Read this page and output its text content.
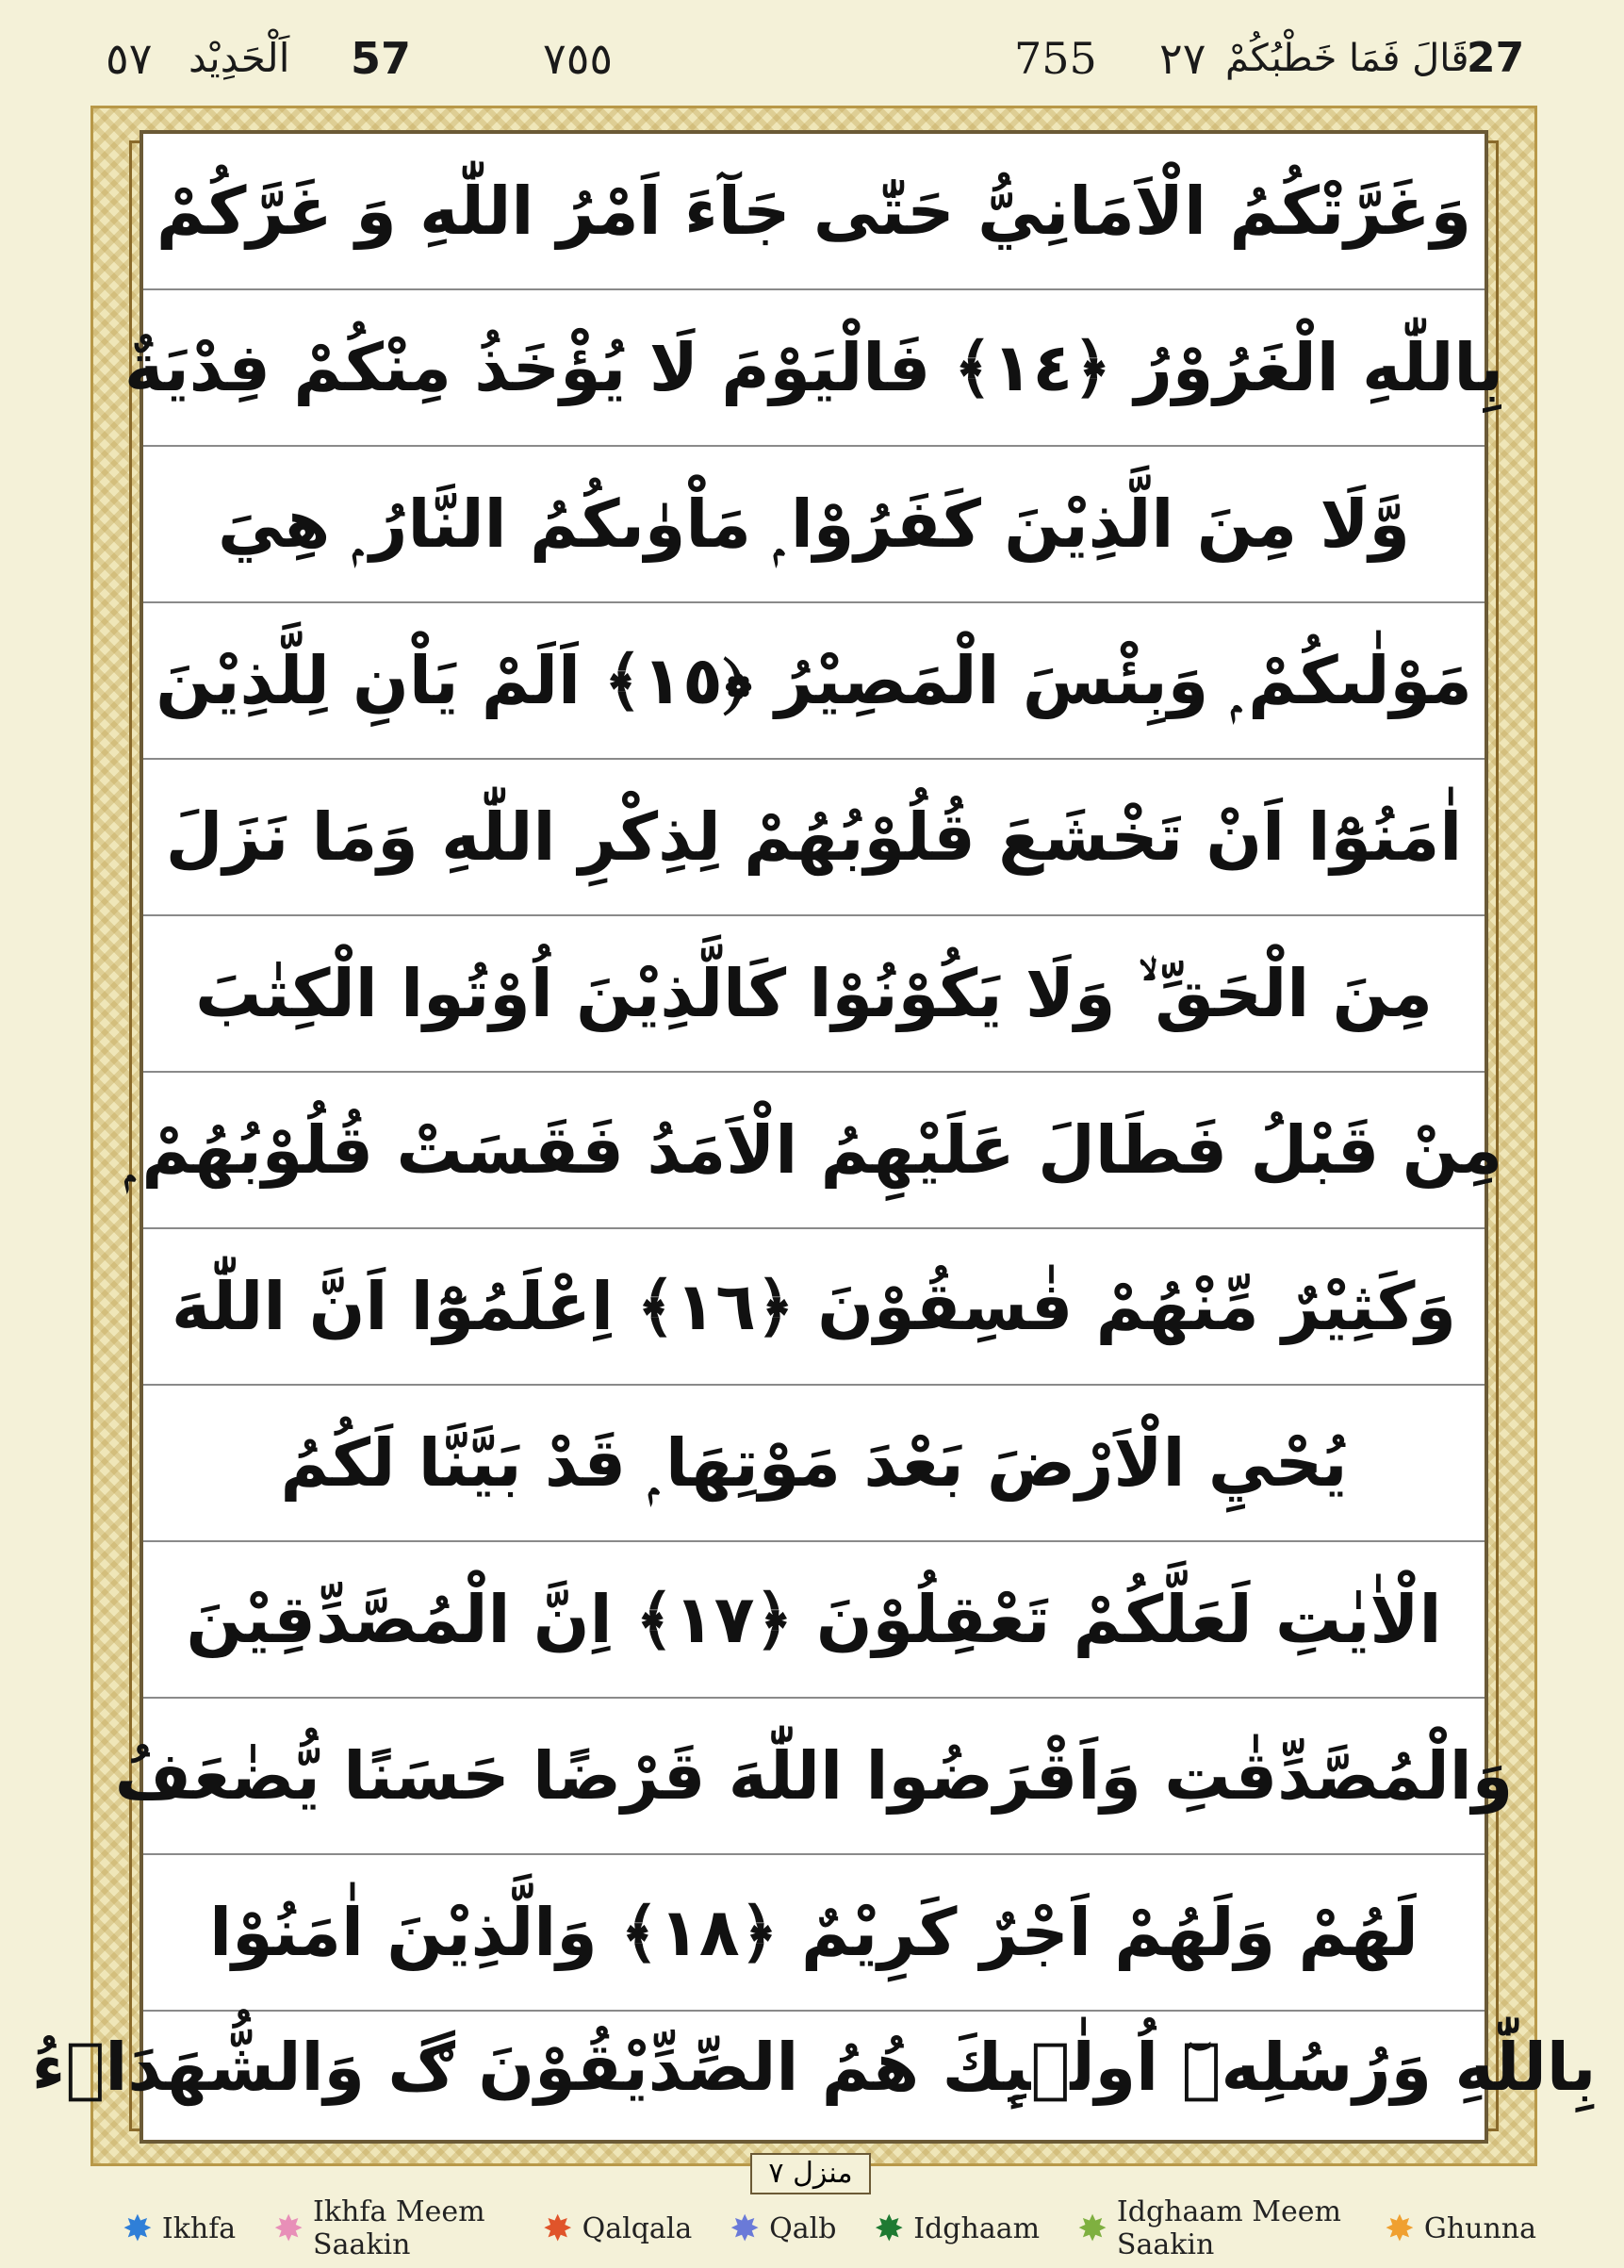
27
قَالَ فَمَا خَطْبُكُمْ
٢٧
755
٧٥٥
57
اَلْحَدِيْد
٥٧
وَغَرَّتْكُمُ الْاَمَانِيُّ حَتّٰى جَآءَ اَمْرُ اللّٰهِ وَ غَرَّكُمْ
بِاللّٰهِ الْغَرُوْرُ ﴿١٤﴾ فَالْيَوْمَ لَا يُؤْخَذُ مِنْكُمْ فِدْيَةٌ
وَّلَا مِنَ الَّذِيْنَ كَفَرُوْا ۭ مَاْوٰىكُمُ النَّارُ ۭ هِيَ
مَوْلٰىكُمْ ۭ وَبِئْسَ الْمَصِيْرُ ﴿١٥﴾ اَلَمْ يَاْنِ لِلَّذِيْنَ
اٰمَنُوْٓا اَنْ تَخْشَعَ قُلُوْبُهُمْ لِذِكْرِ اللّٰهِ وَمَا نَزَلَ
مِنَ الْحَقِّ ۙ وَلَا يَكُوْنُوْا كَالَّذِيْنَ اُوْتُوا الْكِتٰبَ
مِنْ قَبْلُ فَطَالَ عَلَيْهِمُ الْاَمَدُ فَقَسَتْ قُلُوْبُهُمْ ۭ
وَكَثِيْرٌ مِّنْهُمْ فٰسِقُوْنَ ﴿١٦﴾ اِعْلَمُوْٓا اَنَّ اللّٰهَ
يُحْيِ الْاَرْضَ بَعْدَ مَوْتِهَا ۭ قَدْ بَيَّنَّا لَكُمُ
الْاٰيٰتِ لَعَلَّكُمْ تَعْقِلُوْنَ ﴿١٧﴾ اِنَّ الْمُصَّدِّقِيْنَ
وَالْمُصَّدِّقٰتِ وَاَقْرَضُوا اللّٰهَ قَرْضًا حَسَنًا يُّضٰعَفُ
لَهُمْ وَلَهُمْ اَجْرٌ كَرِيْمٌ ﴿١٨﴾ وَالَّذِيْنَ اٰمَنُوْا
بِاللّٰهِ وَرُسُلِهٖٓ اُولٰۗىِٕكَ هُمُ الصِّدِّيْقُوْنَ ڰ وَالشُّهَدَاۗءُ
منزل ٧
✸ Ikhfa ✸ Ikhfa Meem Saakin	✸ Qalqala ✸ Qalb ✸ Idghaam ✸ Idghaam Meem Saakin	✸ Ghunna
